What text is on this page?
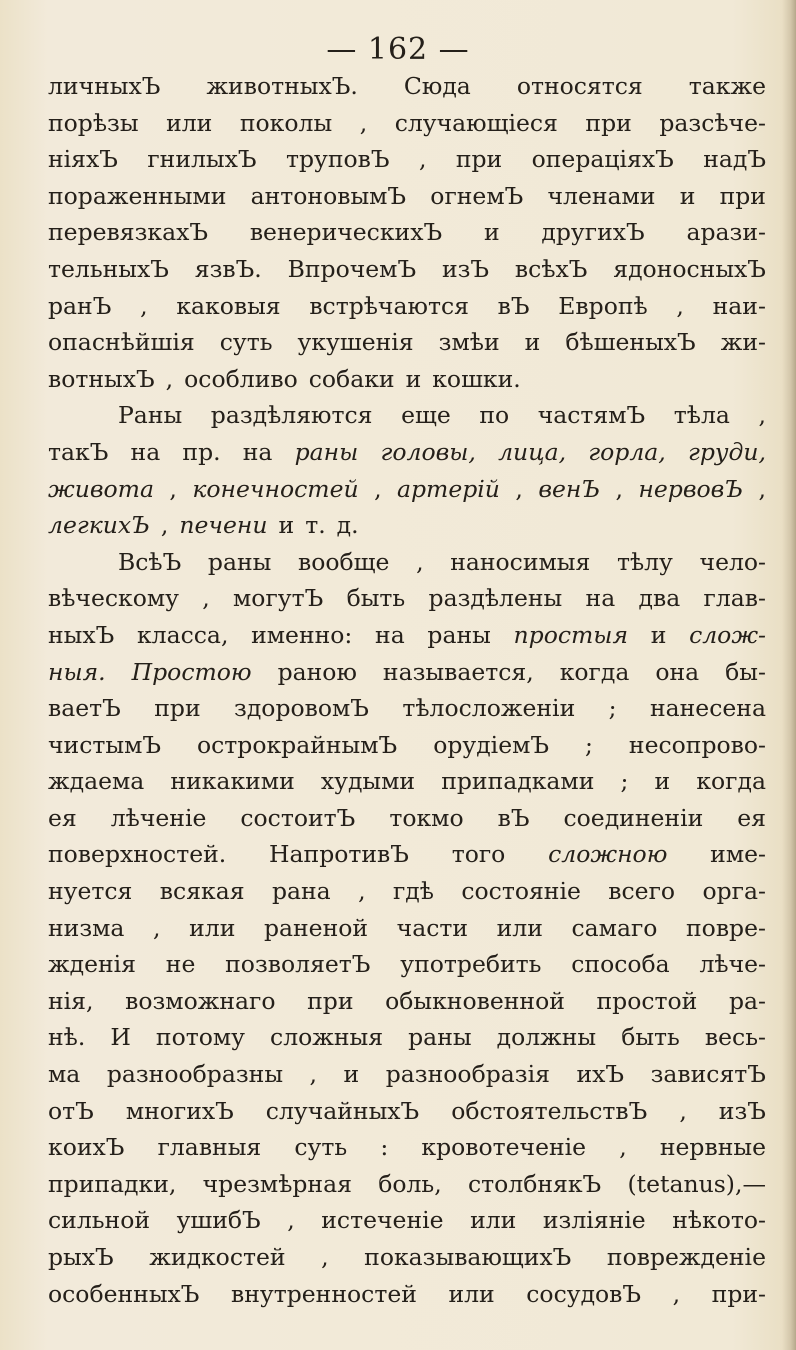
— 162 —
личныхЪ животныхЪ. Сюда относятся также
порѣзы или поколы , случающіеся при разсѣче-
ніяхЪ гнилыхЪ труповЪ , при операціяхЪ надЪ
пораженными антоновымЪ огнемЪ членами и при
перевязкахЪ венерическихЪ и другихЪ арази-
тельныхЪ язвЪ. ВпрочемЪ изЪ всѣхЪ ядоносныхЪ
ранЪ , каковыя встрѣчаются вЪ Европѣ , наи-
опаснѣйшія суть укушенія змѣи и бѣшеныхЪ жи-
вотныхЪ , особливо собаки и кошки.
Раны раздѣляются еще по частямЪ тѣла ,
такЪ на пр. на раны головы, лица, горла, груди,
живота , конечностей , артерій , венЪ , нервовЪ ,
легкихЪ , печени и т. д.
ВсѣЪ раны вообще , наносимыя тѣлу чело-
вѣческому , могутЪ быть раздѣлены на два глав-
ныхЪ класса, именно: на раны простыя и слож-
ныя. Простою раною называется, когда она бы-
ваетЪ при здоровомЪ тѣлосложеніи ; нанесена
чистымЪ острокрайнымЪ орудіемЪ ; несопрово-
ждаема никакими худыми припадками ; и когда
ея лѣченіе состоитЪ токмо вЪ соединеніи ея
поверхностей. НапротивЪ того сложною име-
нуется всякая рана , гдѣ состояніе всего орга-
низма , или раненой части или самаго повре-
жденія не позволяетЪ употребить способа лѣче-
нія, возможнаго при обыкновенной простой ра-
нѣ. И потому сложныя раны должны быть весь-
ма разнообразны , и разнообразія ихЪ зависятЪ
отЪ многихЪ случайныхЪ обстоятельствЪ , изЪ
коихЪ главныя суть : кровотеченіе , нервные
припадки, чрезмѣрная боль, столбнякЪ (tetanus),—
сильной ушибЪ , истеченіе или изліяніе нѣкото-
рыхЪ жидкостей , показывающихЪ поврежденіе
особенныхЪ внутренностей или сосудовЪ , при-
